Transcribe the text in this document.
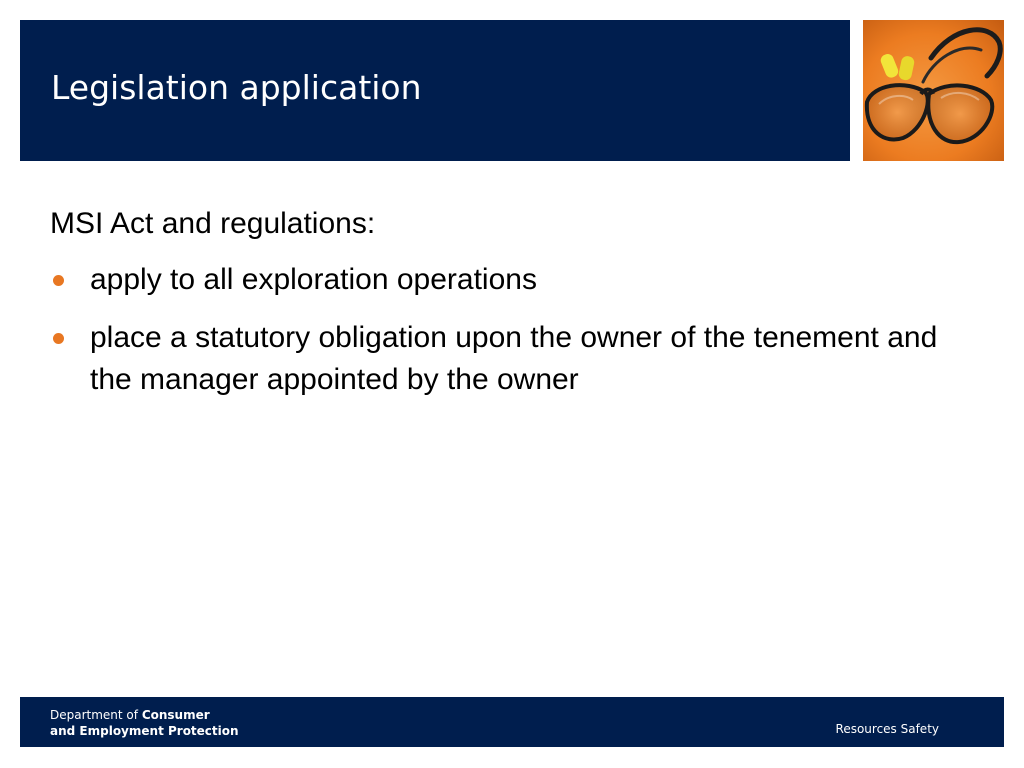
Legislation application

MSI Act and regulations:

apply to all exploration operations
place a statutory obligation upon the owner of the tenement and the manager appointed by the owner
Department of Consumer
and Employment Protection	Resources Safety
